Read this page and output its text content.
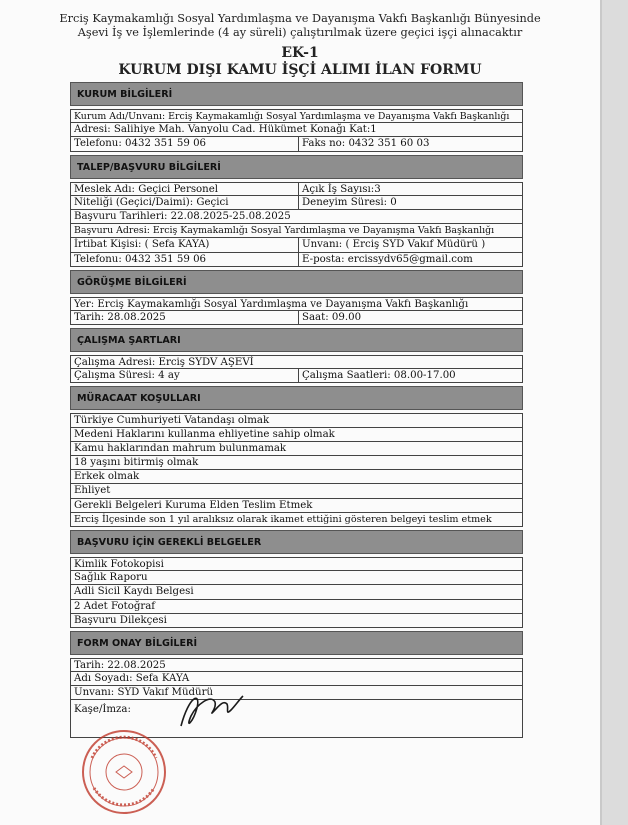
Erciş Kaymakamlığı Sosyal Yardımlaşma ve Dayanışma Vakfı Başkanlığı Bünyesinde
Aşevi İş ve İşlemlerinde (4 ay süreli) çalıştırılmak üzere geçici işçi alınacaktır
EK-1
KURUM DIŞI KAMU İŞÇİ ALIMI İLAN FORMU
KURUM BİLGİLERİ
Kurum Adı/Unvanı: Erciş Kaymakamlığı Sosyal Yardımlaşma ve Dayanışma Vakfı Başkanlığı
Adresi: Salihiye Mah. Vanyolu Cad. Hükümet Konağı Kat:1
Telefonu: 0432 351 59 06	Faks no: 0432 351 60 03
TALEP/BAŞVURU BİLGİLERİ
Meslek Adı: Geçici Personel	Açık İş Sayısı:3
Niteliği (Geçici/Daimi): Geçici	Deneyim Süresi: 0
Başvuru Tarihleri: 22.08.2025-25.08.2025
Başvuru Adresi: Erciş Kaymakamlığı Sosyal Yardımlaşma ve Dayanışma Vakfı Başkanlığı
İrtibat Kişisi: ( Sefa KAYA)	Unvanı: ( Erciş SYD Vakıf Müdürü )
Telefonu: 0432 351 59 06	E-posta: ercissydv65@gmail.com
GÖRÜŞME BİLGİLERİ
Yer: Erciş Kaymakamlığı Sosyal Yardımlaşma ve Dayanışma Vakfı Başkanlığı
Tarih: 28.08.2025	Saat: 09.00
ÇALIŞMA ŞARTLARI
Çalışma Adresi: Erciş SYDV AŞEVİ
Çalışma Süresi: 4 ay	Çalışma Saatleri: 08.00-17.00
MÜRACAAT KOŞULLARI
Türkiye Cumhuriyeti Vatandaşı olmak
Medeni Haklarını kullanma ehliyetine sahip olmak
Kamu haklarından mahrum bulunmamak
18 yaşını bitirmiş olmak
Erkek olmak
Ehliyet
Gerekli Belgeleri Kuruma Elden Teslim Etmek
Erciş İlçesinde son 1 yıl aralıksız olarak ikamet ettiğini gösteren belgeyi teslim etmek
BAŞVURU İÇİN GEREKLİ BELGELER
Kimlik Fotokopisi
Sağlık Raporu
Adli Sicil Kaydı Belgesi
2 Adet Fotoğraf
Başvuru Dilekçesi
FORM ONAY BİLGİLERİ
Tarih: 22.08.2025
Adı Soyadı: Sefa KAYA
Unvanı: SYD Vakıf Müdürü
Kaşe/İmza:
